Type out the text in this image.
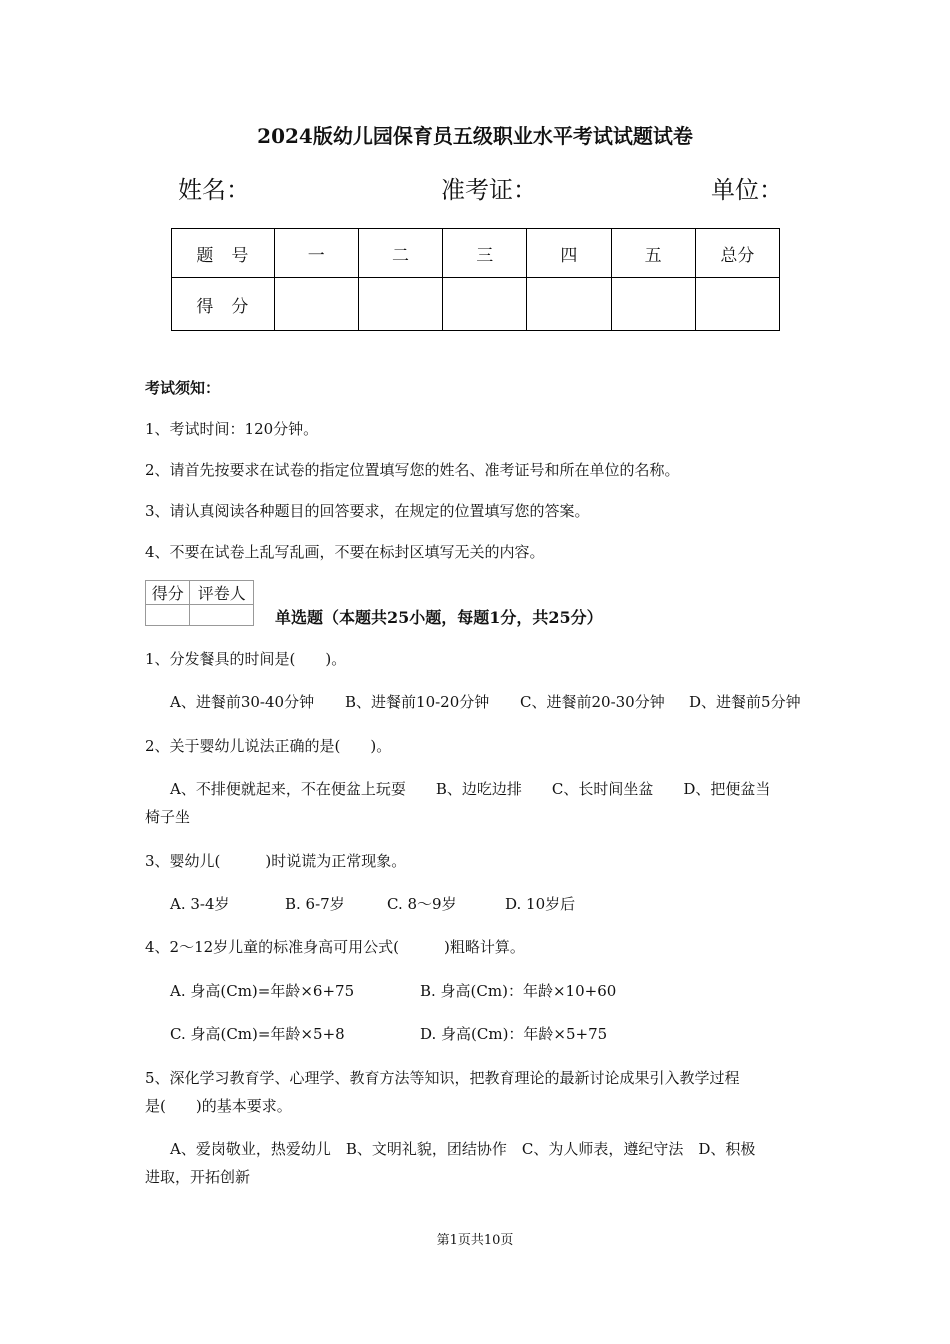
2024版幼儿园保育员五级职业水平考试试题试卷
姓名：	准考证：	单位：
题号	一	二	三	四	五	总分
得分						
考试须知：
1、考试时间：120分钟。
2、请首先按要求在试卷的指定位置填写您的姓名、准考证号和所在单位的名称。
3、请认真阅读各种题目的回答要求，在规定的位置填写您的答案。
4、不要在试卷上乱写乱画，不要在标封区填写无关的内容。
得分	评卷人

单选题（本题共25小题，每题1分，共25分）
1、分发餐具的时间是(　　)。
A、进餐前30-40分钟 B、进餐前10-20分钟 C、进餐前20-30分钟 D、进餐前5分钟
2、关于婴幼儿说法正确的是(　　)。
A、不排便就起来，不在便盆上玩耍　　B、边吃边排　　C、长时间坐盆　　D、把便盆当
椅子坐
3、婴幼儿(　　　)时说谎为正常现象。
A. 3-4岁	B. 6-7岁	C. 8～9岁	D. 10岁后
4、2～12岁儿童的标准身高可用公式(　　　)粗略计算。
A. 身高(Cm)=年龄×6+75	B. 身高(Cm)：年龄×10+60
C. 身高(Cm)=年龄×5+8	D. 身高(Cm)：年龄×5+75
5、深化学习教育学、心理学、教育方法等知识，把教育理论的最新讨论成果引入教学过程
是(　　)的基本要求。
A、爱岗敬业，热爱幼儿　B、文明礼貌，团结协作　C、为人师表，遵纪守法　D、积极
进取，开拓创新
第1页共10页
